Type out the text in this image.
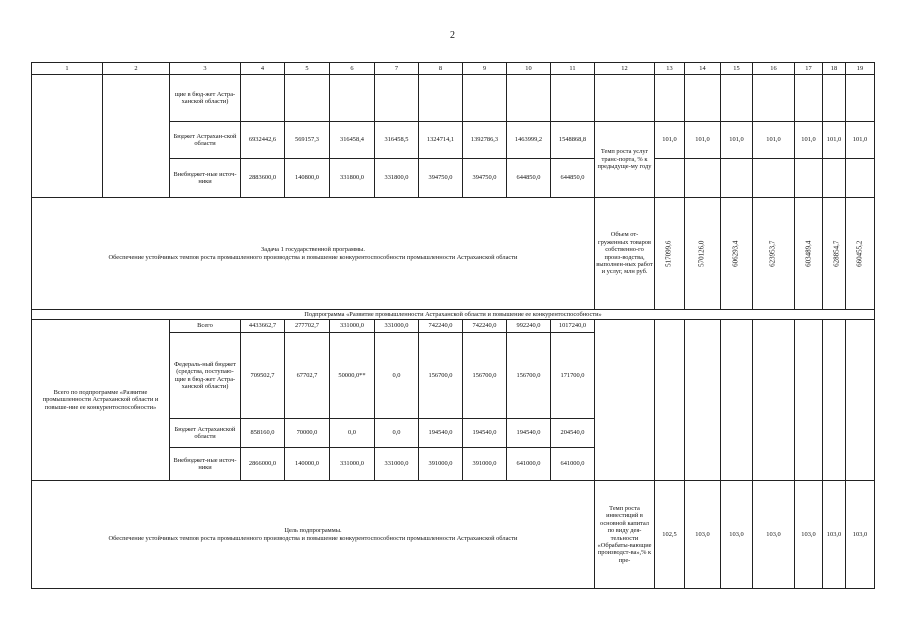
2
1	2	3	4	5	6	7	8	9	10	11	12	13	14	15	16	17	18	19
		щие в бюд-жет Астра-ханской области)																
		Бюджет Астрахан-ской области	6932442,6	569157,3	316458,4	316458,5	1324714,1	1392786,3	1463999,2	1548868,8	Темп роста услуг транс-порта, % к предыдуще-му году	101,0	101,0	101,0	101,0	101,0	101,0	101,0
		Внебюджет-ные источ-ники	2883600,0	140800,0	331800,0	331800,0	394750,0	394750,0	644850,0	644850,0								

Задача 1 государственной программы.
Обеспечение устойчивых темпов роста промышленного производства и повышение конкурентоспособности промышленности Астраханской области											Объем от-груженных товаров собственно-го произ-водства, выполнен-ных работ и услуг, млн руб.	517099,6	570126,0	606293,4	623953,7	603489,4	628854,7	660455,2
Подпрограмма «Развитие промышленности Астраханской области и повышение ее конкурентоспособности»																		
Всего по подпрограмме «Развитие промышленности Астраханской области и повыше-ние ее конкурентоспособности»		Всего	4433662,7	277702,7	331000,0	331000,0	742240,0	742240,0	992240,0	1017240,0								
		Федераль-ный бюджет (средства, поступаю-щие в бюд-жет Астра-ханской области)	709502,7	67702,7	50000,0**	0,0	156700,0	156700,0	156700,0	171700,0								
		Бюджет Астраханской области	858160,0	70000,0	0,0	0,0	194540,0	194540,0	194540,0	204540,0								
		Внебюджет-ные источ-ники	2866000,0	140000,0	331000,0	331000,0	391000,0	391000,0	641000,0	641000,0								

Цель подпрограммы.
Обеспечение устойчивых темпов роста промышленного производства и повышение конкурентоспособности промышленности Астраханской области											Темп роста инвестиций в основной капитал по виду дея-тельности «Обрабаты-вающие производст-ва»,% к пре-	102,5	103,0	103,0	103,0	103,0	103,0	103,0
